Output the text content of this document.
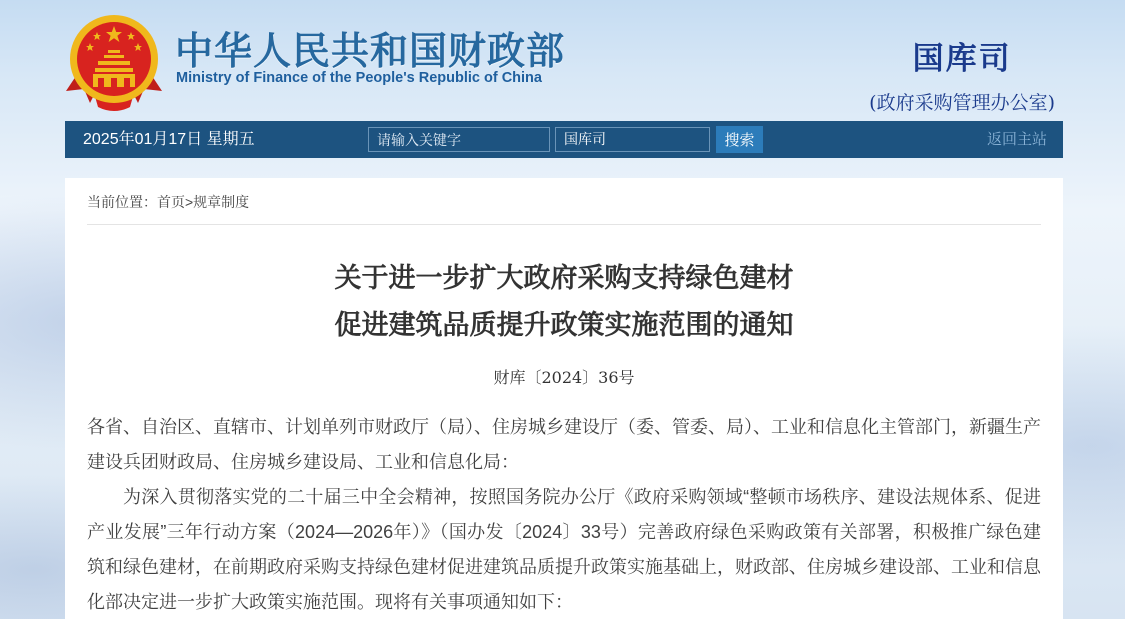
中华人民共和国财政部
Ministry of Finance of the People's Republic of China
国库司
(政府采购管理办公室)
2025年01月17日 星期五
请输入关键字	国库司	搜索	返回主站
当前位置：首页>规章制度
关于进一步扩大政府采购支持绿色建材
促进建筑品质提升政策实施范围的通知
财库〔2024〕36号

各省、自治区、直辖市、计划单列市财政厅（局）、住房城乡建设厅（委、管委、局）、工业和信息化主管部门，新疆生产建设兵团财政局、住房城乡建设局、工业和信息化局：

为深入贯彻落实党的二十届三中全会精神，按照国务院办公厅《政府采购领域“整顿市场秩序、建设法规体系、促进产业发展”三年行动方案（2024—2026年）》（国办发〔2024〕33号）完善政府绿色采购政策有关部署，积极推广绿色建筑和绿色建材，在前期政府采购支持绿色建材促进建筑品质提升政策实施基础上，财政部、住房城乡建设部、工业和信息化部决定进一步扩大政策实施范围。现将有关事项通知如下：
